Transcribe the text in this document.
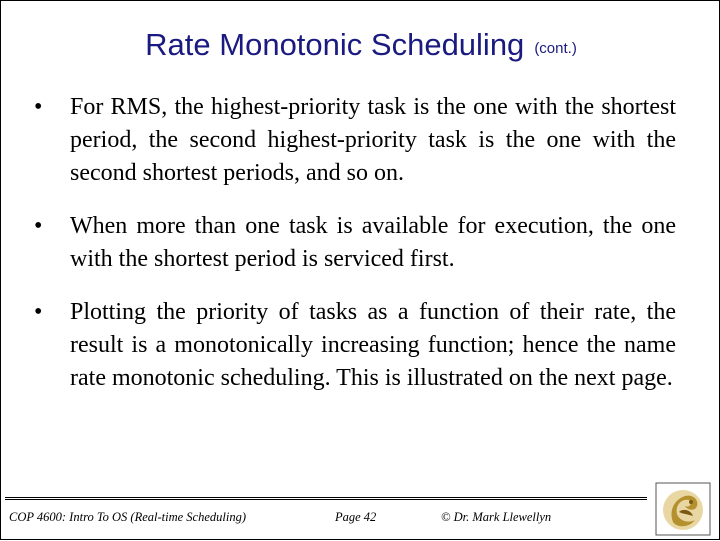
Rate Monotonic Scheduling (cont.)
• For RMS, the highest-priority task is the one with the shortest period, the second highest-priority task is the one with the second shortest periods, and so on.
• When more than one task is available for execution, the one with the shortest period is serviced first.
• Plotting the priority of tasks as a function of their rate, the result is a monotonically increasing function; hence the name rate monotonic scheduling. This is illustrated on the next page.
COP 4600: Intro To OS (Real-time Scheduling)	Page 42	© Dr. Mark Llewellyn
